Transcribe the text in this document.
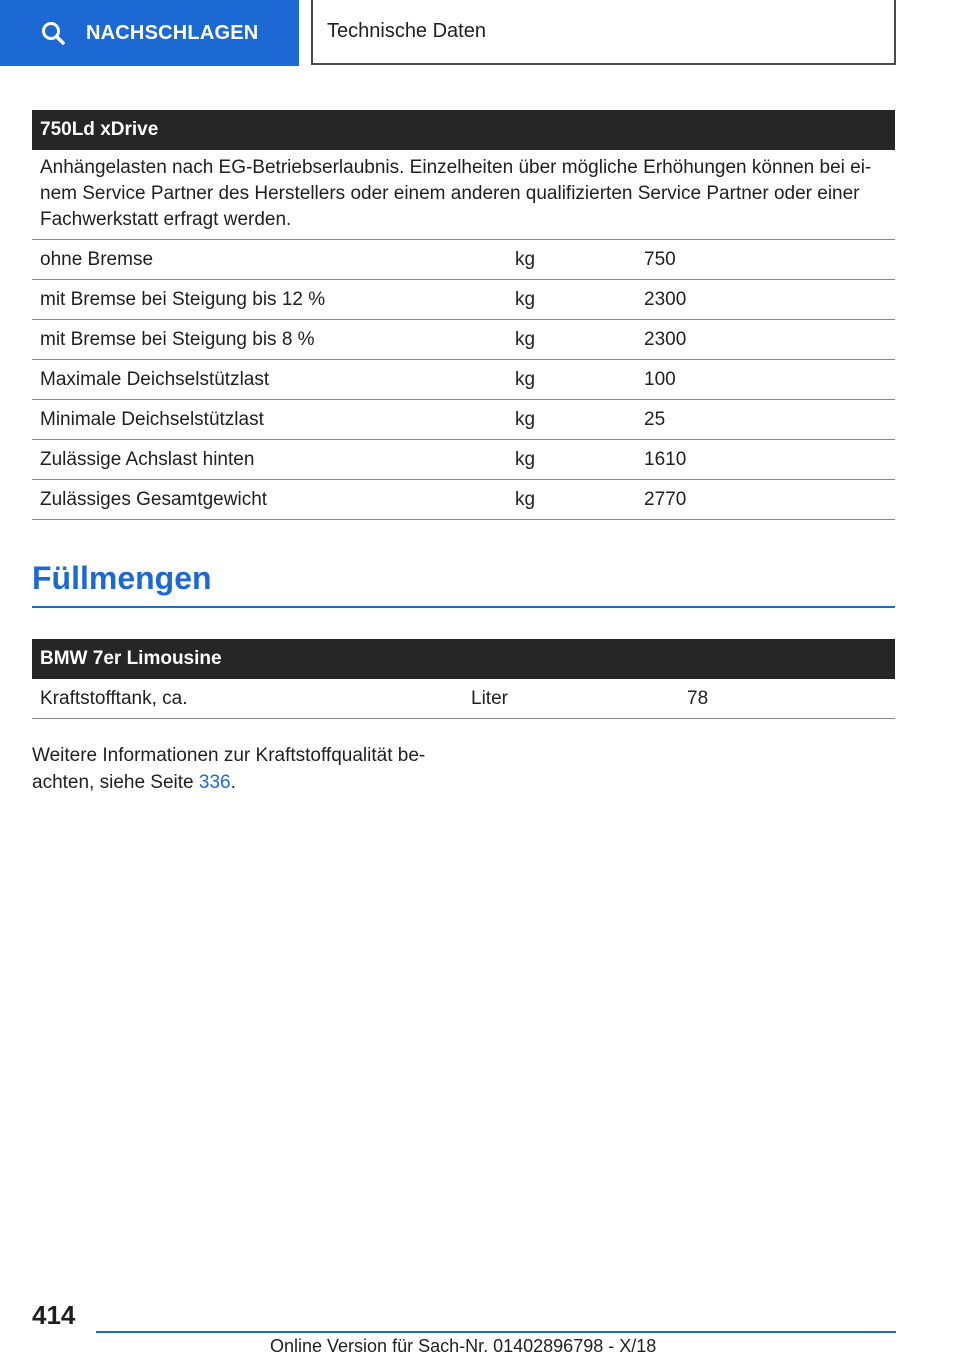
NACHSCHLAGEN	Technische Daten
750Ld xDrive		
Anhängelasten nach EG-Betriebserlaubnis. Einzelheiten über mögliche Erhöhungen können bei ei-nem Service Partner des Herstellers oder einem anderen qualifizierten Service Partner oder einer Fachwerkstatt erfragt werden.		
ohne Bremse	kg	750
mit Bremse bei Steigung bis 12 %	kg	2300
mit Bremse bei Steigung bis 8 %	kg	2300
Maximale Deichselstützlast	kg	100
Minimale Deichselstützlast	kg	25
Zulässige Achslast hinten	kg	1610
Zulässiges Gesamtgewicht	kg	2770
Füllmengen
BMW 7er Limousine
Kraftstofftank, ca.	Liter	78
Weitere Informationen zur Kraftstoffqualität be-
achten, siehe Seite 336.
414
Online Version für Sach-Nr. 01402896798 - X/18
